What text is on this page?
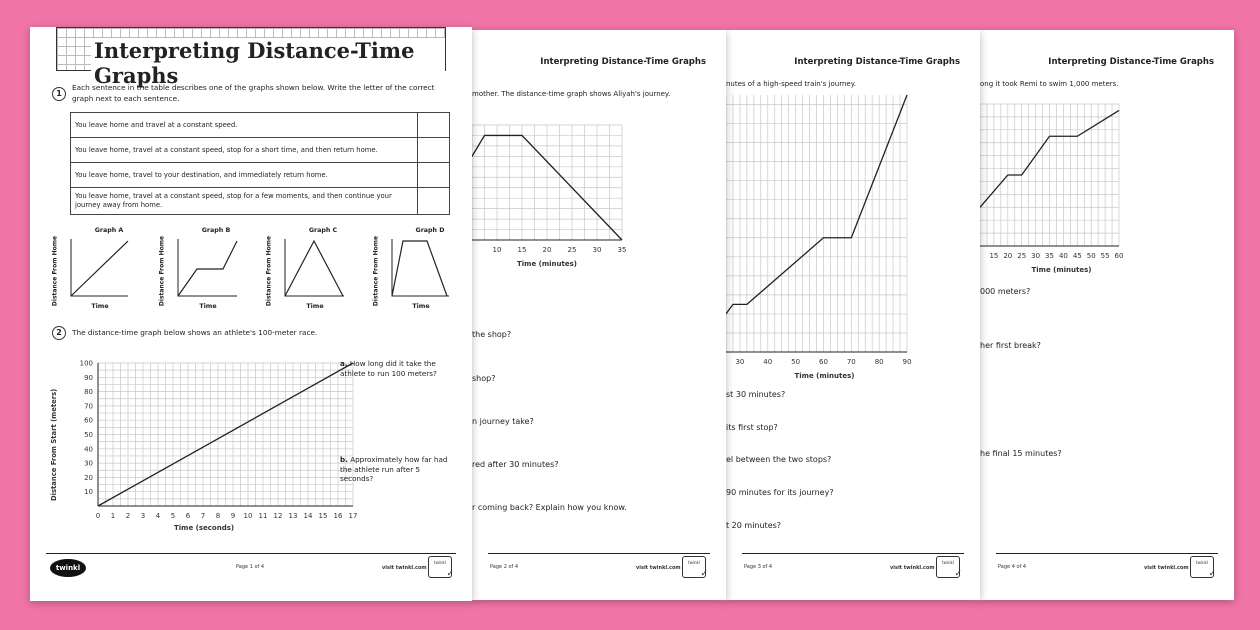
Interpreting Distance-Time Graphs
ong it took Remi to swim 1,000 meters.
15 20 25 30 35 40 45 50 55 60
Time (minutes)
000 meters?
her first break?
he final 15 minutes?
Page 4 of 4	visit twinkl.com
twinkl
✓
Interpreting Distance-Time Graphs
nutes of a high-speed train's journey.
30	40	50	60	70	80	90
Time (minutes)
st 30 minutes?
its first stop?
el between the two stops?
90 minutes for its journey?
t 20 minutes?
Page 3 of 4	visit twinkl.com
twinkl
✓
Interpreting Distance-Time Graphs
mother. The distance-time graph shows Aliyah's journey.
10 15 20 25 30 35
Time (minutes)
the shop?
shop?
n journey take?
red after 30 minutes?
r coming back? Explain how you know.
Page 2 of 4	visit twinkl.com
twinkl
✓
Interpreting Distance-Time Graphs
1
Each sentence in the table describes one of the graphs shown below. Write the letter of the correct
graph next to each sentence.
You leave home and travel at a constant speed.	
You leave home, travel at a constant speed, stop for a short time, and then return home.	
You leave home, travel to your destination, and immediately return home.	
You leave home, travel at a constant speed, stop for a few moments, and then continue your journey away from home.	
Graph A
Distance From Home
Time
Graph B
Distance From Home
Time
Graph C
Distance From Home
Time
Graph D
Distance From Home
Time
2	The distance-time graph below shows an athlete's 100-meter race.
0 1 2 3 4 5 6 7 8 9 10 11 12 13 14 15 16 17
10
20
30
40
50
60
70
80
90
100
Distance From Start (meters)
Time (seconds)
a. How long did it take the athlete to run 100 meters?
b. Approximately how far had the athlete run after 5 seconds?
twinkl	Page 1 of 4	visit twinkl.com
twinkl
✓
